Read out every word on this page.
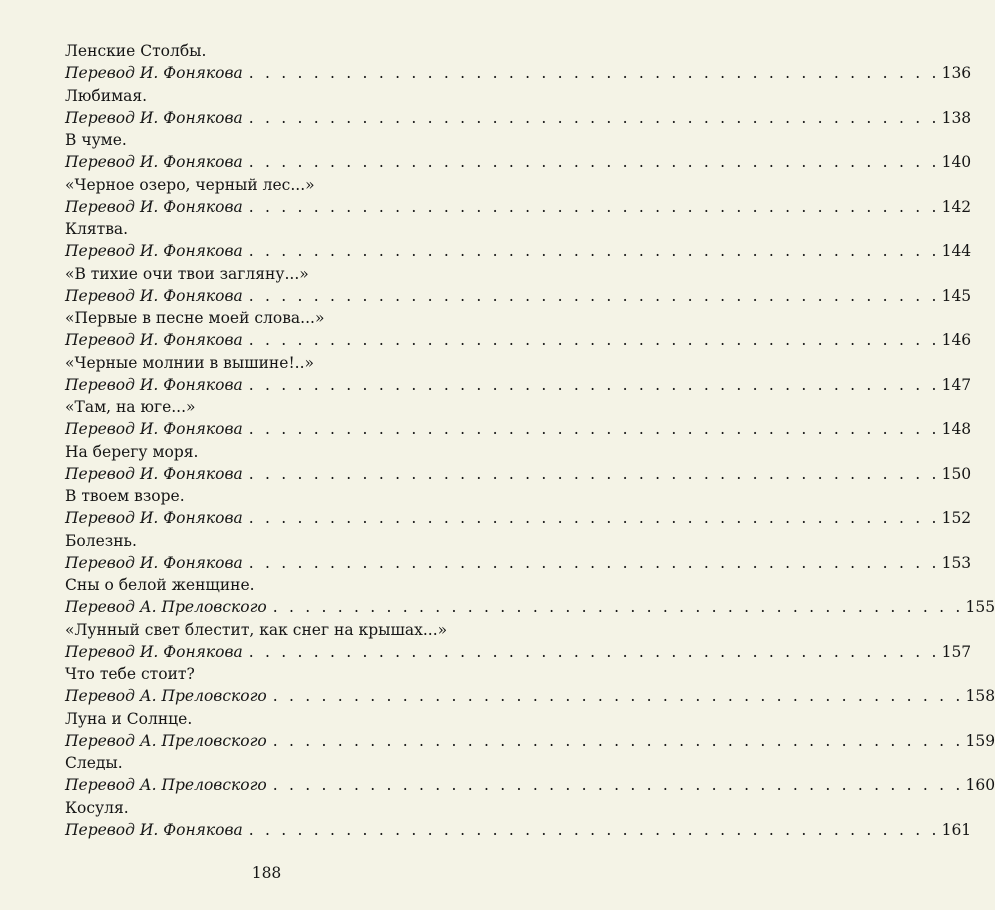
Ленские Столбы.
Перевод И. Фонякова . . . . . . . . . . . . . . . . . . . . . . . . . . . . . . . . . . . . . . . . . . . 136
Любимая.
Перевод И. Фонякова . . . . . . . . . . . . . . . . . . . . . . . . . . . . . . . . . . . . . . . . . . . 138
В чуме.
Перевод И. Фонякова . . . . . . . . . . . . . . . . . . . . . . . . . . . . . . . . . . . . . . . . . . . 140
«Черное озеро, черный лес...»
Перевод И. Фонякова . . . . . . . . . . . . . . . . . . . . . . . . . . . . . . . . . . . . . . . . . . . 142
Клятва.
Перевод И. Фонякова . . . . . . . . . . . . . . . . . . . . . . . . . . . . . . . . . . . . . . . . . . . 144
«В тихие очи твои загляну...»
Перевод И. Фонякова . . . . . . . . . . . . . . . . . . . . . . . . . . . . . . . . . . . . . . . . . . . 145
«Первые в песне моей слова...»
Перевод И. Фонякова . . . . . . . . . . . . . . . . . . . . . . . . . . . . . . . . . . . . . . . . . . . 146
«Черные молнии в вышине!..»
Перевод И. Фонякова . . . . . . . . . . . . . . . . . . . . . . . . . . . . . . . . . . . . . . . . . . . 147
«Там, на юге...»
Перевод И. Фонякова . . . . . . . . . . . . . . . . . . . . . . . . . . . . . . . . . . . . . . . . . . . 148
На берегу моря.
Перевод И. Фонякова . . . . . . . . . . . . . . . . . . . . . . . . . . . . . . . . . . . . . . . . . . . 150
В твоем взоре.
Перевод И. Фонякова . . . . . . . . . . . . . . . . . . . . . . . . . . . . . . . . . . . . . . . . . . . 152
Болезнь.
Перевод И. Фонякова . . . . . . . . . . . . . . . . . . . . . . . . . . . . . . . . . . . . . . . . . . . 153
Сны о белой женщине.
Перевод А. Преловского . . . . . . . . . . . . . . . . . . . . . . . . . . . . . . . . . . . . . . . . . . . 155
«Лунный свет блестит, как снег на крышах...»
Перевод И. Фонякова . . . . . . . . . . . . . . . . . . . . . . . . . . . . . . . . . . . . . . . . . . . 157
Что тебе стоит?
Перевод А. Преловского . . . . . . . . . . . . . . . . . . . . . . . . . . . . . . . . . . . . . . . . . . . 158
Луна и Солнце.
Перевод А. Преловского . . . . . . . . . . . . . . . . . . . . . . . . . . . . . . . . . . . . . . . . . . . 159
Следы.
Перевод А. Преловского . . . . . . . . . . . . . . . . . . . . . . . . . . . . . . . . . . . . . . . . . . . 160
Косуля.
Перевод И. Фонякова . . . . . . . . . . . . . . . . . . . . . . . . . . . . . . . . . . . . . . . . . . . 161
188
